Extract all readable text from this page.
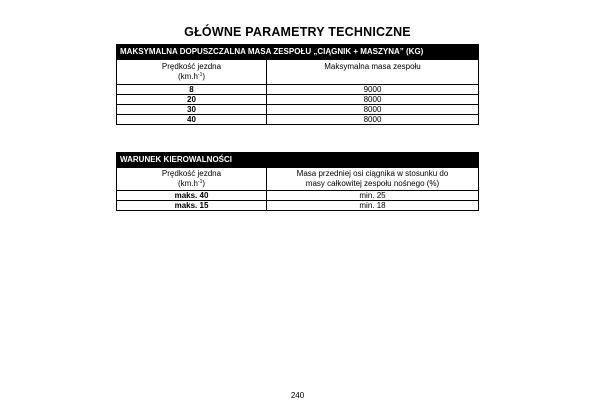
GŁÓWNE PARAMETRY TECHNICZNE
MAKSYMALNA DOPUSZCZALNA MASA ZESPOŁU „CIĄGNIK + MASZYNA” (KG)	
Prędkość jezdna
$(km.h^{-1})$	Maksymalna masa zespołu
8	9000
20	8000
30	8000
40	8000
WARUNEK KIEROWALNOŚCI	
Prędkość jezdna
$(km.h^{-1})$	Masa przedniej osi ciągnika w stosunku do
masy całkowitej zespołu nośnego (%)
maks. 40	min. 25
maks. 15	min. 18
240
